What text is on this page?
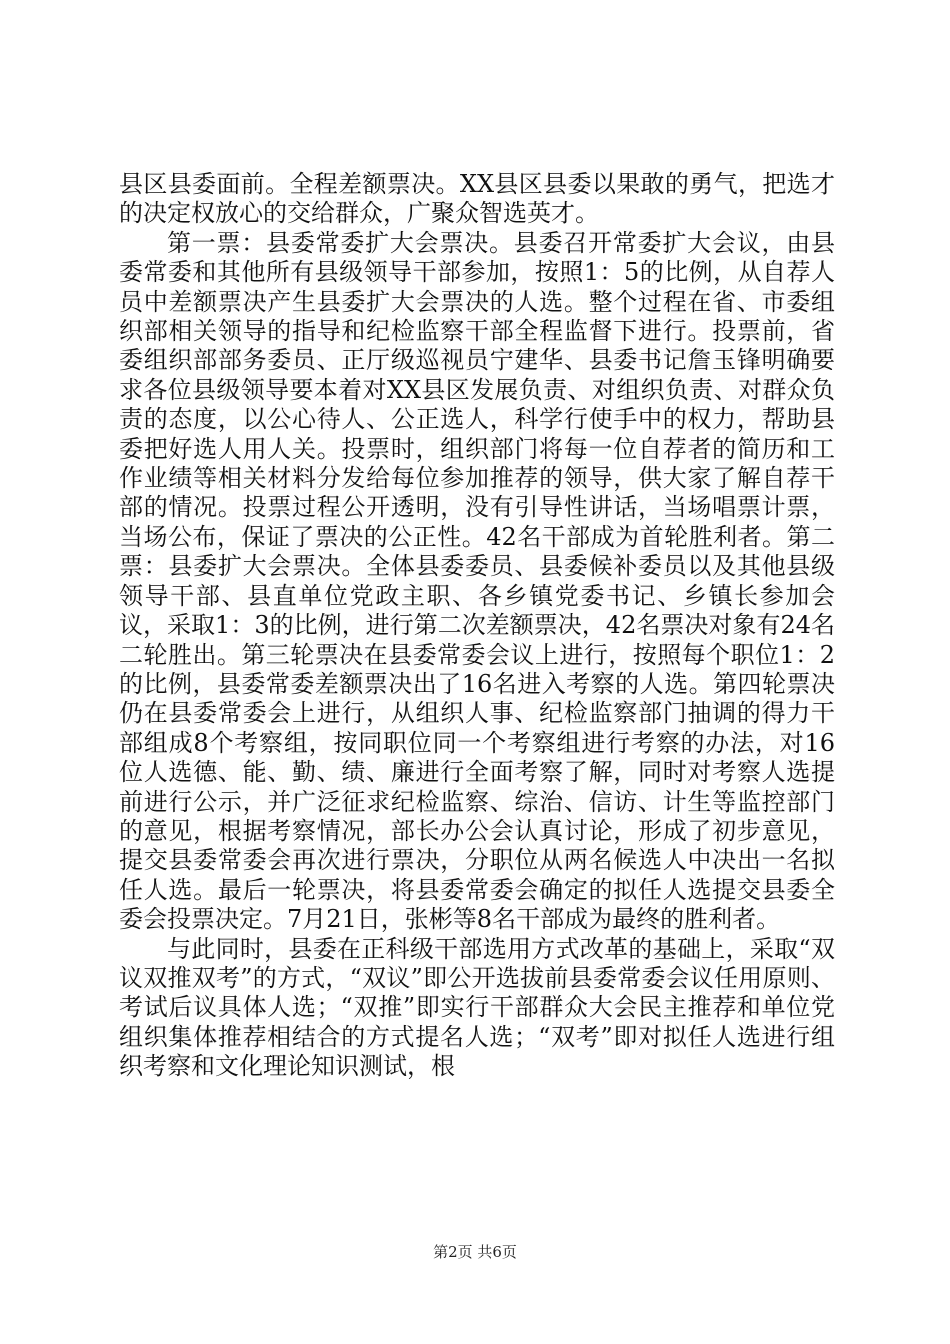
县区县委面前。全程差额票决。XX县区县委以果敢的勇气，把选才的决定权放心的交给群众，广聚众智选英才。

第一票：县委常委扩大会票决。县委召开常委扩大会议，由县委常委和其他所有县级领导干部参加，按照1：5的比例，从自荐人员中差额票决产生县委扩大会票决的人选。整个过程在省、市委组织部相关领导的指导和纪检监察干部全程监督下进行。投票前，省委组织部部务委员、正厅级巡视员宁建华、县委书记詹玉锋明确要求各位县级领导要本着对XX县区发展负责、对组织负责、对群众负责的态度，以公心待人、公正选人，科学行使手中的权力，帮助县委把好选人用人关。投票时，组织部门将每一位自荐者的简历和工作业绩等相关材料分发给每位参加推荐的领导，供大家了解自荐干部的情况。投票过程公开透明，没有引导性讲话，当场唱票计票，当场公布，保证了票决的公正性。42名干部成为首轮胜利者。第二票：县委扩大会票决。全体县委委员、县委候补委员以及其他县级领导干部、县直单位党政主职、各乡镇党委书记、乡镇长参加会议，采取1：3的比例，进行第二次差额票决，42名票决对象有24名二轮胜出。第三轮票决在县委常委会议上进行，按照每个职位1：2的比例，县委常委差额票决出了16名进入考察的人选。第四轮票决仍在县委常委会上进行，从组织人事、纪检监察部门抽调的得力干部组成8个考察组，按同职位同一个考察组进行考察的办法，对16位人选德、能、勤、绩、廉进行全面考察了解，同时对考察人选提前进行公示，并广泛征求纪检监察、综治、信访、计生等监控部门的意见，根据考察情况，部长办公会认真讨论，形成了初步意见，提交县委常委会再次进行票决，分职位从两名候选人中决出一名拟任人选。最后一轮票决，将县委常委会确定的拟任人选提交县委全委会投票决定。7月21日，张彬等8名干部成为最终的胜利者。

与此同时，县委在正科级干部选用方式改革的基础上，采取“双议双推双考”的方式，“双议”即公开选拔前县委常委会议任用原则、考试后议具体人选；“双推”即实行干部群众大会民主推荐和单位党组织集体推荐相结合的方式提名人选；“双考”即对拟任人选进行组织考察和文化理论知识测试，根

第2页 共6页
